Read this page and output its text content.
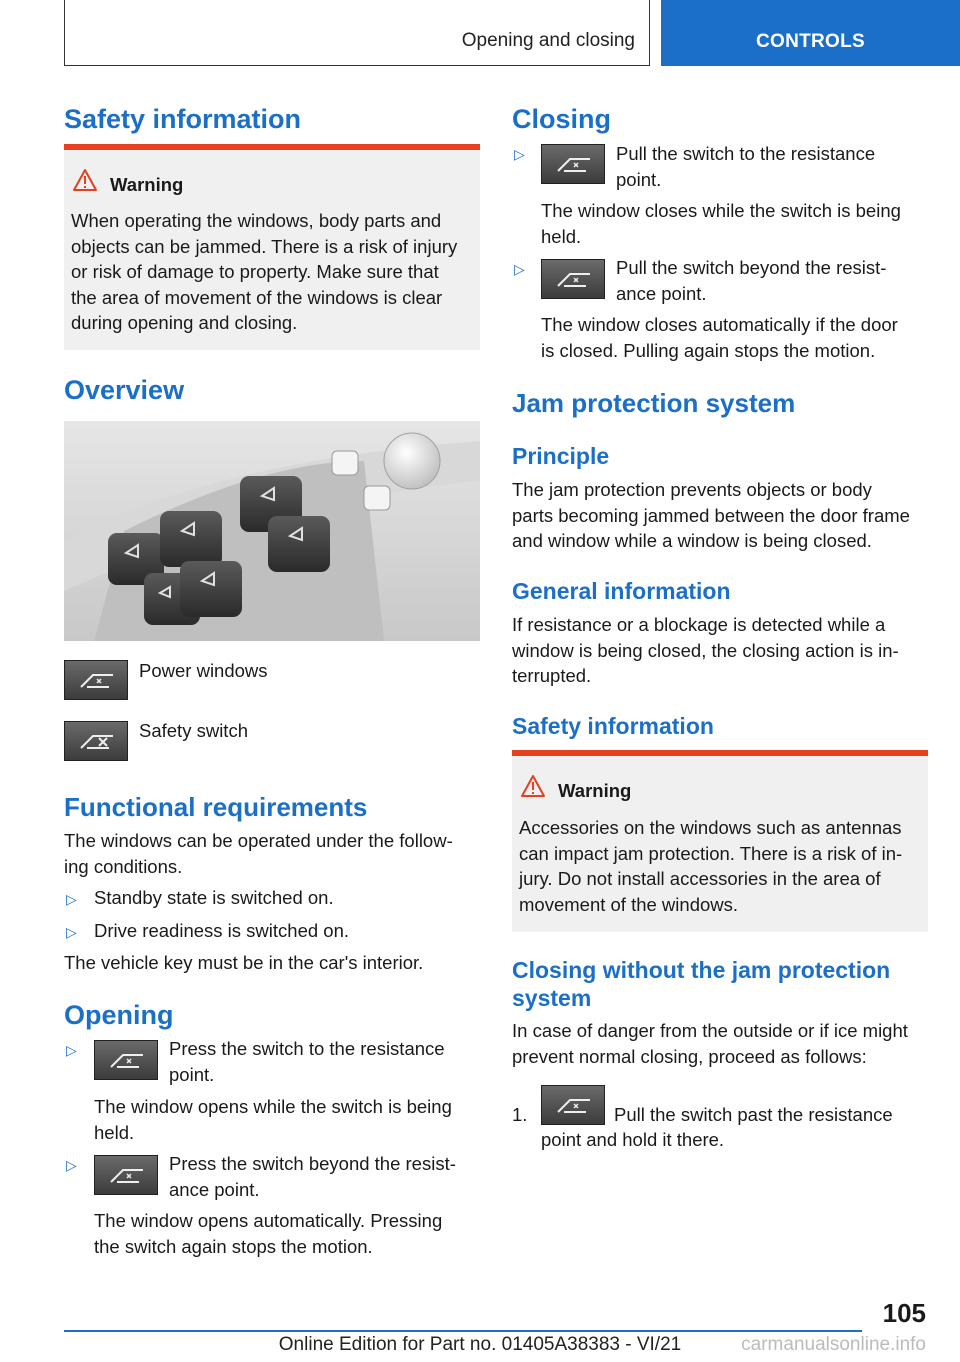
Opening and closing	CONTROLS
Safety information
Warning
When operating the windows, body parts and
objects can be jammed. There is a risk of injury
or risk of damage to property. Make sure that
the area of movement of the windows is clear
during opening and closing.
Overview
Power windows
Safety switch
Functional requirements
The windows can be operated under the follow-
ing conditions.
▷ Standby state is switched on.
▷ Drive readiness is switched on.
The vehicle key must be in the car's interior.
Opening
▷	Press the switch to the resistance
point.
The window opens while the switch is being
held.
▷	Press the switch beyond the resist-
ance point.
The window opens automatically. Pressing
the switch again stops the motion.
Closing
▷	Pull the switch to the resistance
point.
The window closes while the switch is being
held.
▷	Pull the switch beyond the resist-
ance point.
The window closes automatically if the door
is closed. Pulling again stops the motion.
Jam protection system
Principle
The jam protection prevents objects or body
parts becoming jammed between the door frame
and window while a window is being closed.
General information
If resistance or a blockage is detected while a
window is being closed, the closing action is in-
terrupted.
Safety information
Warning
Accessories on the windows such as antennas
can impact jam protection. There is a risk of in-
jury. Do not install accessories in the area of
movement of the windows.
Closing without the jam protection
system
In case of danger from the outside or if ice might
prevent normal closing, proceed as follows:
1.	Pull the switch past the resistance
point and hold it there.
105
Online Edition for Part no. 01405A38383 - VI/21	carmanualsonline.info
